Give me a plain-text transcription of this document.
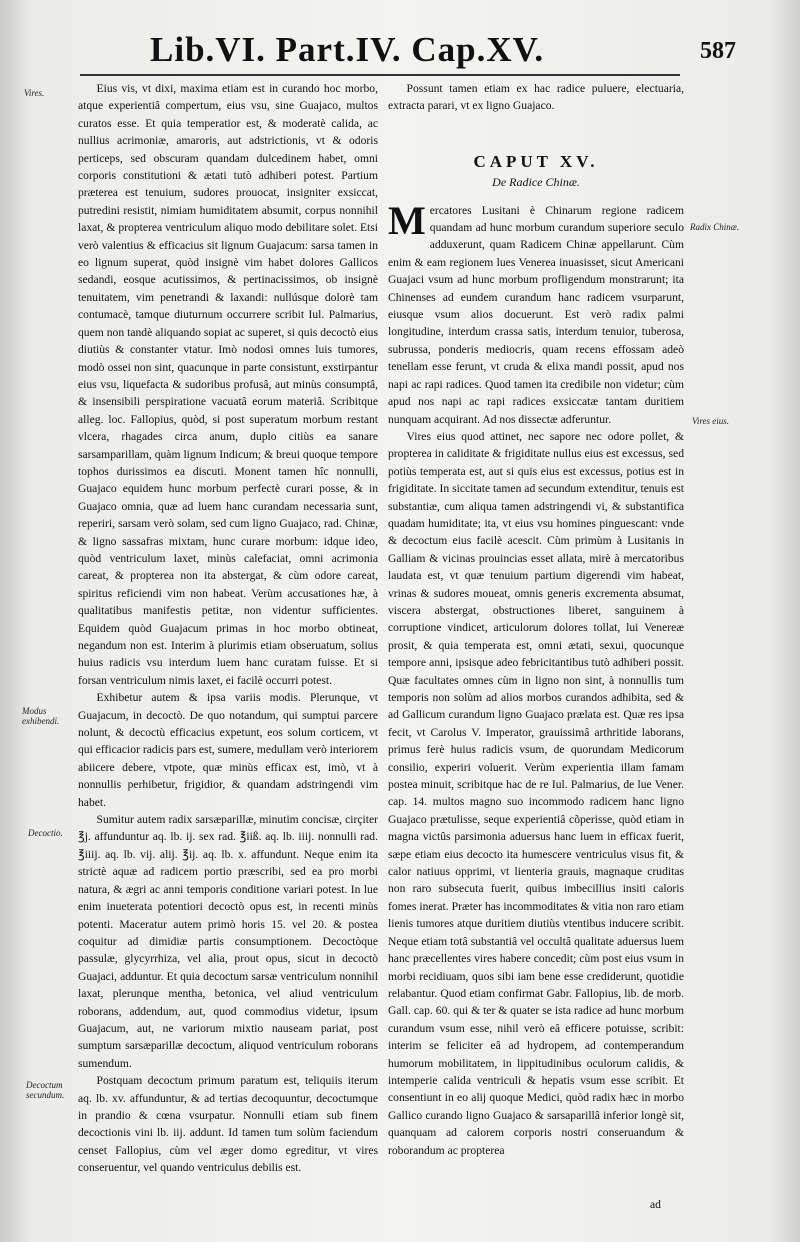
Lib.VI. Part.IV. Cap.XV.	587
Vires.
Modus exhibendi.
Decoctio.
Decoctum secundum.
Radix Chinæ.
Vires eius.

Eius vis, vt dixi, maxima etiam est in curando hoc morbo, atque experientiâ compertum, eius vsu, sine Guajaco, multos curatos esse. Et quia temperatior est, & moderatè calida, ac nullius acrimoniæ, amaroris, aut adstrictionis, vt & odoris perticeps, sed obscuram quandam dulcedinem habet, omni corporis constitutioni & ætati tutò adhiberi potest. Partium præterea est tenuium, sudores prouocat, insigniter exsiccat, putredini resistit, nimiam humiditatem absumit, corpus nonnihil laxat, & propterea ventriculum aliquo modo debilitare solet. Etsi verò valentius & efficacius sit lignum Guajacum: sarsa tamen in eo lignum superat, quòd insignè vim habet dolores Gallicos sedandi, eosque acutissimos, & pertinacissimos, ob insignè tenuitatem, vim penetrandi & laxandi: nullúsque dolorè tam contumacè, tamque diuturnum occurrere scribit Iul. Palmarius, quem non tandè aliquando sopiat ac superet, si quis decoctò eius diutiùs & constanter vtatur. Imò nodosi omnes luis tumores, modò ossei non sint, quacunque in parte consistunt, exstirpantur eius vsu, liquefacta & sudoribus profusâ, aut minùs consumptâ, & insensibili perspiratione vacuatâ eorum materiâ. Scribitque alleg. loc. Fallopius, quòd, si post superatum morbum restant vlcera, rhagades circa anum, duplo citiùs ea sanare sarsamparillam, quàm lignum Indicum; & breui quoque tempore tophos durissimos ea discuti. Monent tamen hîc nonnulli, Guajaco equidem hunc morbum perfectè curari posse, & in Guajaco omnia, quæ ad luem hanc curandam necessaria sunt, reperiri, sarsam verò solam, sed cum ligno Guajaco, rad. Chinæ, & ligno sassafras mixtam, hunc curare morbum: idque ideo, quòd ventriculum laxet, minùs calefaciat, omni acrimonia careat, & propterea non ita abstergat, & cùm odore careat, spiritus reficiendi vim non habeat. Verùm accusationes hæ, à qualitatibus manifestis petitæ, non videntur sufficientes. Equidem quòd Guajacum primas in hoc morbo obtineat, negandum non est. Interim à plurimis etiam obseruatum, solius huius radicis vsu interdum luem hanc curatam fuisse. Et si forsan ventriculum nimis laxet, ei facilè occurri potest.

Exhibetur autem & ipsa variis modis. Plerunque, vt Guajacum, in decoctò. De quo notandum, qui sumptui parcere nolunt, & decoctù efficacius expetunt, eos solum corticem, vt qui efficacior radicis pars est, sumere, medullam verò interiorem abiicere debere, vtpote, quæ minùs efficax est, imò, vt à nonnullis perhibetur, frigidior, & quandam adstringendi vim habet.

Sumitur autem radix sarsæparillæ, minutim concisæ, cirçiter ℥j. affunduntur aq. lb. ij. sex rad. ℥iiß. aq. lb. iiij. nonnulli rad. ℥iiij. aq. lb. vij. alij. ℥ij. aq. lb. x. affundunt. Neque enim ita strictè aquæ ad radicem portio præscribi, sed ea pro morbi natura, & ægri ac anni temporis conditione variari potest. In lue enim inueterata potentiori decoctò opus est, in recenti minùs potenti. Maceratur autem primò horis 15. vel 20. & postea coquitur ad dimidiæ partis consumptionem. Decoctòque passulæ, glycyrrhiza, vel alia, prout opus, sicut in decoctò Guajaci, adduntur. Et quia decoctum sarsæ ventriculum nonnihil laxat, plerunque mentha, betonica, vel aliud ventriculum roborans, addendum, aut, quod commodius videtur, ipsum Guajacum, aut, ne variorum mixtio nauseam pariat, post sumptum sarsæparillæ decoctum, aliquod ventriculum roborans sumendum.

Postquam decoctum primum paratum est, teliquiis iterum aq. lb. xv. affunduntur, & ad tertias decoquuntur, decoctumque in prandio & cœna vsurpatur. Nonnulli etiam sub finem decoctionis vini lb. iij. addunt. Id tamen tum solùm faciendum censet Fallopius, cùm vel æger domo egreditur, vt vires conseruentur, vel quando ventriculus debilis est.

Possunt tamen etiam ex hac radice puluere, electuaria, extracta parari, vt ex ligno Guajaco.

CAPUT XV.
De Radice Chinæ.

Mercatores Lusitani è Chinarum regione radicem quandam ad hunc morbum curandum superiore seculo adduxerunt, quam Radicem Chinæ appellarunt. Cùm enim & eam regionem lues Venerea inuasisset, sicut Americani Guajaci vsum ad hunc morbum profligendum monstrarunt; ita Chinenses ad eundem curandum hanc radicem vsurparunt, eiusque vsum alios docuerunt. Est verò radix palmi longitudine, interdum crassa satis, interdum tenuior, tuberosa, subrussa, ponderis mediocris, quam recens effossam adeò tenellam esse ferunt, vt cruda & elixa mandi possit, apud nos napi ac rapi radices. Quod tamen ita credibile non videtur; cùm apud nos napi ac rapi radices exsiccatæ tantam duritiem nunquam acquirant. Ad nos dissectæ adferuntur.

Vires eius quod attinet, nec sapore nec odore pollet, & propterea in caliditate & frigiditate nullus eius est excessus, sed potiùs temperata est, aut si quis eius est excessus, potius est in frigiditate. In siccitate tamen ad secundum extenditur, tenuis est substantiæ, cum aliqua tamen adstringendi vi, & substantifica quadam humiditate; ita, vt eius vsu homines pinguescant: vnde & decoctum eius facilè acescit. Cùm primùm à Lusitanis in Galliam & vicinas prouincias esset allata, mirè à mercatoribus laudata est, vt quæ tenuium partium digerendi vim habeat, vrinas & sudores moueat, omnis generis excrementa absumat, viscera abstergat, obstructiones liberet, sanguinem à corruptione vindicet, articulorum dolores tollat, lui Venereæ prosit, & quia temperata est, omni ætati, sexui, quocunque tempore anni, ipsisque adeo febricitantibus tutò adhiberi possit. Quæ facultates omnes cùm in ligno non sint, à nonnullis tum temporis non solùm ad alios morbos curandos adhibita, sed & ad Gallicum curandum ligno Guajaco prælata est. Quæ res ipsa fecit, vt Carolus V. Imperator, grauissimâ arthritide laborans, primus ferè huius radicis vsum, de quorundam Medicorum consilio, experiri voluerit. Verùm experientia illam famam postea minuit, scribitque hac de re Iul. Palmarius, de lue Vener. cap. 14. multos magno suo incommodo radicem hanc ligno Guajaco prætulisse, seque experientiâ cõperisse, quòd etiam in magna victûs parsimonia aduersus hanc luem in efficax fuerit, sæpe etiam eius decocto ita humescere ventriculus visus fit, & calor natiuus opprimi, vt lienteria grauis, magnaque cruditas non raro subsecuta fuerit, quibus imbecillius insiti caloris fomes inerat. Præter has incommoditates & vitia non raro etiam lienis tumores atque duritiem diutiùs vtentibus inducere scribit. Neque etiam totâ substantiâ vel occultâ qualitate aduersus luem hanc præcellentes vires habere concedit; cùm post eius vsum in morbi recidiuam, quos sibi iam bene esse crediderunt, quotidie relabantur. Quod etiam confirmat Gabr. Fallopius, lib. de morb. Gall. cap. 60. qui & ter & quater se ista radice ad hunc morbum curandum vsum esse, nihil verò eâ efficere potuisse, scribit: interim se feliciter eâ ad hydropem, ad contemperandum humorum mobilitatem, in lippitudinibus oculorum calidis, & intemperie calida ventriculi & hepatis vsum esse scribit. Et consentiunt in eo alij quoque Medici, quòd radix hæc in morbo Gallico curando ligno Guajaco & sarsaparillâ inferior longè sit, quanquam ad calorem corporis nostri conseruandum & roborandum ac propterea

ad
